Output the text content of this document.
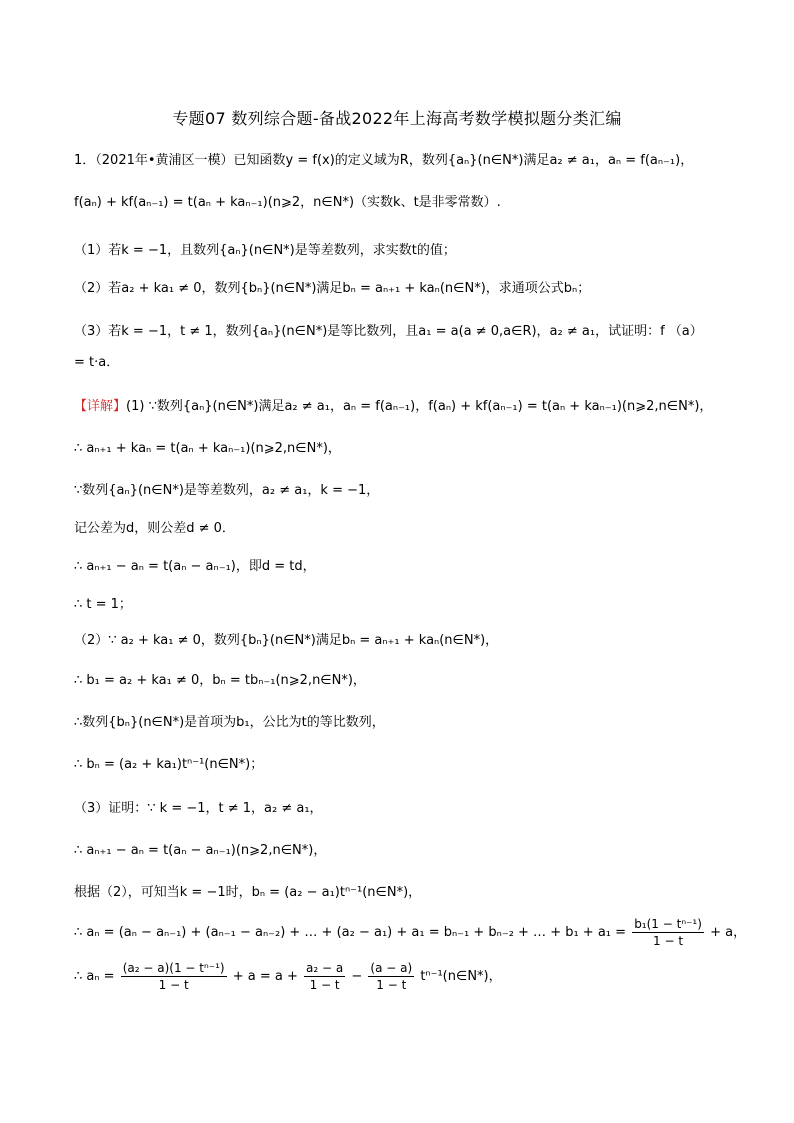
专题07 数列综合题-备战2022年上海高考数学模拟题分类汇编
1．（2021年•黄浦区一模）已知函数y = f(x)的定义域为R，数列{aₙ}(n∈N*)满足a₂ ≠ a₁，aₙ = f(aₙ₋₁)，
f(aₙ) + kf(aₙ₋₁) = t(aₙ + kaₙ₋₁)(n⩾2，n∈N*)（实数k、t是非零常数）.
（1）若k = −1，且数列{aₙ}(n∈N*)是等差数列，求实数t的值；
（2）若a₂ + ka₁ ≠ 0，数列{bₙ}(n∈N*)满足bₙ = aₙ₊₁ + kaₙ(n∈N*)，求通项公式bₙ；
（3）若k = −1，t ≠ 1，数列{aₙ}(n∈N*)是等比数列，且a₁ = a(a ≠ 0,a∈R)，a₂ ≠ a₁，试证明：f （a）
= t·a．
【详解】(1) ∵数列{aₙ}(n∈N*)满足a₂ ≠ a₁，aₙ = f(aₙ₋₁)，f(aₙ) + kf(aₙ₋₁) = t(aₙ + kaₙ₋₁)(n⩾2,n∈N*)，
∴ aₙ₊₁ + kaₙ = t(aₙ + kaₙ₋₁)(n⩾2,n∈N*)，
∵数列{aₙ}(n∈N*)是等差数列，a₂ ≠ a₁，k = −1，
记公差为d，则公差d ≠ 0．
∴ aₙ₊₁ − aₙ = t(aₙ − aₙ₋₁)，即d = td，
∴ t = 1；
（2）∵ a₂ + ka₁ ≠ 0，数列{bₙ}(n∈N*)满足bₙ = aₙ₊₁ + kaₙ(n∈N*)，
∴ b₁ = a₂ + ka₁ ≠ 0，bₙ = tbₙ₋₁(n⩾2,n∈N*)，
∴数列{bₙ}(n∈N*)是首项为b₁，公比为t的等比数列，
∴ bₙ = (a₂ + ka₁)tⁿ⁻¹(n∈N*)；
（3）证明：∵ k = −1，t ≠ 1，a₂ ≠ a₁，
∴ aₙ₊₁ − aₙ = t(aₙ − aₙ₋₁)(n⩾2,n∈N*)，
根据（2），可知当k = −1时，bₙ = (a₂ − a₁)tⁿ⁻¹(n∈N*)，
∴ aₙ = (aₙ − aₙ₋₁) + (aₙ₋₁ − aₙ₋₂) + … + (a₂ − a₁) + a₁ = bₙ₋₁ + bₙ₋₂ + … + $b_1 + a_1 = \frac{\text{b₁(1 − tⁿ⁻¹)}}{1 - t} + a$，
∴ $a_n = \frac{\text{(a₂ − a)(1 − tⁿ⁻¹)}}{1 - t} + a = a + \frac{\text{a₂ − a}}{1 - t} - \frac{(a - a)}{1 - t}$ tⁿ⁻¹(n∈N*)，
